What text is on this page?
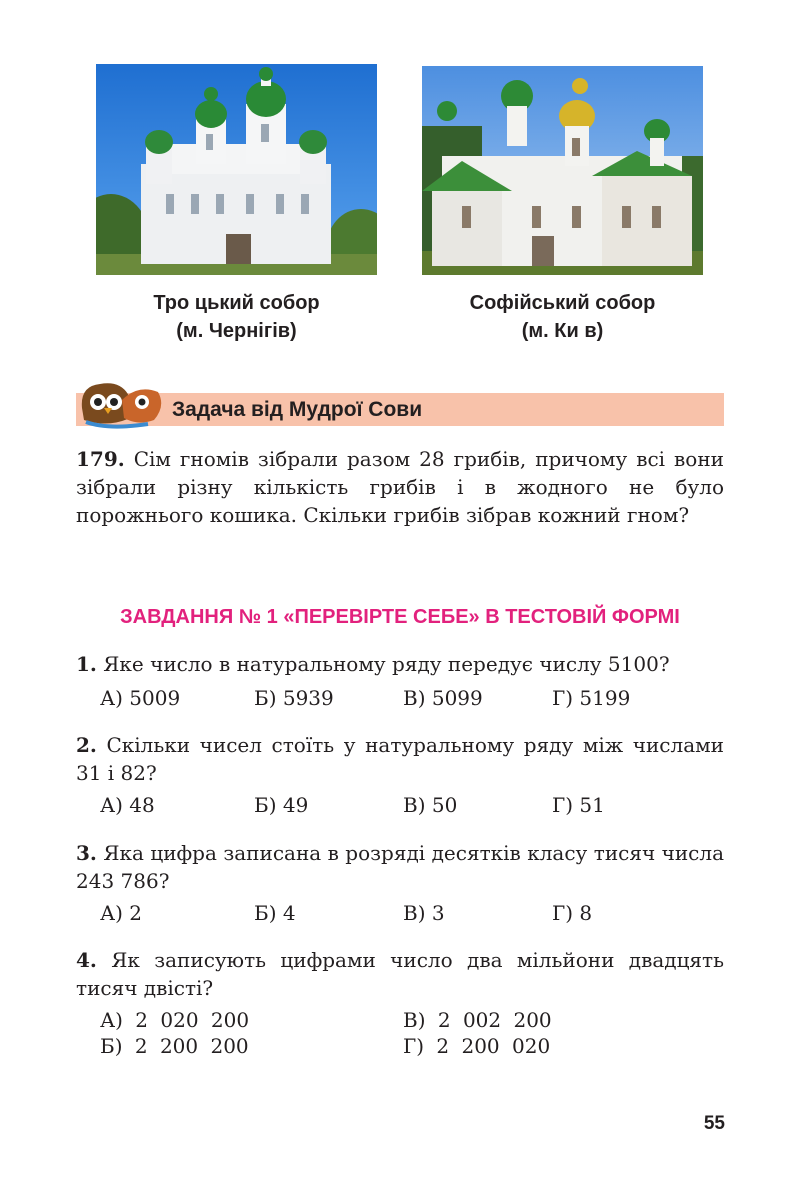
Тро цький собор
(м. Чернігів)
Софійський собор
(м. Ки в)
Задача від Мудрої Сови
179. Сім гномів зібрали разом 28 грибів, причому всі вони зібрали різну кількість грибів і в жодного не було порожнього кошика. Скільки грибів зібрав кожний гном?
ЗАВДАННЯ № 1 «ПЕРЕВІРТЕ СЕБЕ» В ТЕСТОВІЙ ФОРМІ
1. Яке число в натуральному ряду передує числу 5100?
А) 5009	Б) 5939	В) 5099	Г) 5199
2. Скільки чисел стоїть у натуральному ряду між числами 31 і 82?
А) 48	Б) 49	В) 50	Г) 51
3. Яка цифра записана в розряді десятків класу тисяч числа 243 786?
А) 2	Б) 4	В) 3	Г) 8
4. Як записують цифрами число два мільйони двадцять тисяч двісті?
А) 2 020 200	В) 2 002 200
Б) 2 200 200	Г) 2 200 020
55
